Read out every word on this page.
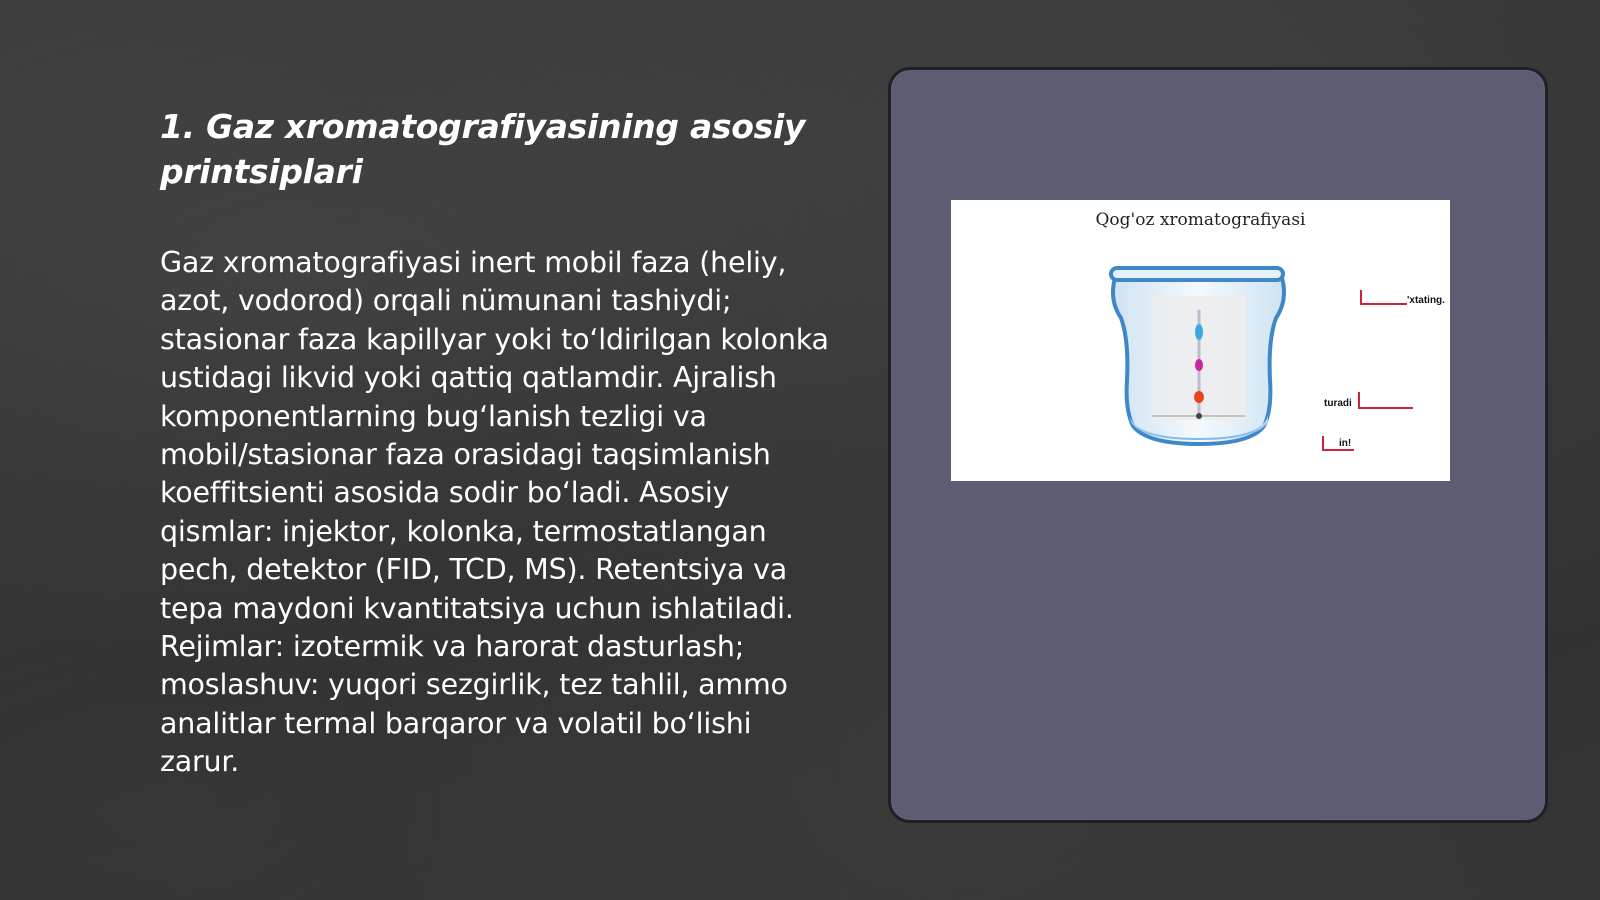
1. Gaz xromatografiyasining asosiy printsiplari

Gaz xromatografiyasi inert mobil faza (heliy, azot, vodorod) orqali nümunani tashiydi; stasionar faza kapillyar yoki toʻldirilgan kolonka ustidagi likvid yoki qattiq qatlamdir. Ajralish komponentlarning bugʻlanish tezligi va mobil/stasionar faza orasidagi taqsimlanish koeffitsienti asosida sodir boʻladi. Asosiy qismlar: injektor, kolonka, termostatlangan pech, detektor (FID, TCD, MS). Retentsiya va tepa maydoni kvantitatsiya uchun ishlatiladi. Rejimlar: izotermik va harorat dasturlash; moslashuv: yuqori sezgirlik, tez tahlil, ammo analitlar termal barqaror va volatil boʻlishi zarur.

Qog'oz xromatografiyasi
'xtating.
turadi
in!
